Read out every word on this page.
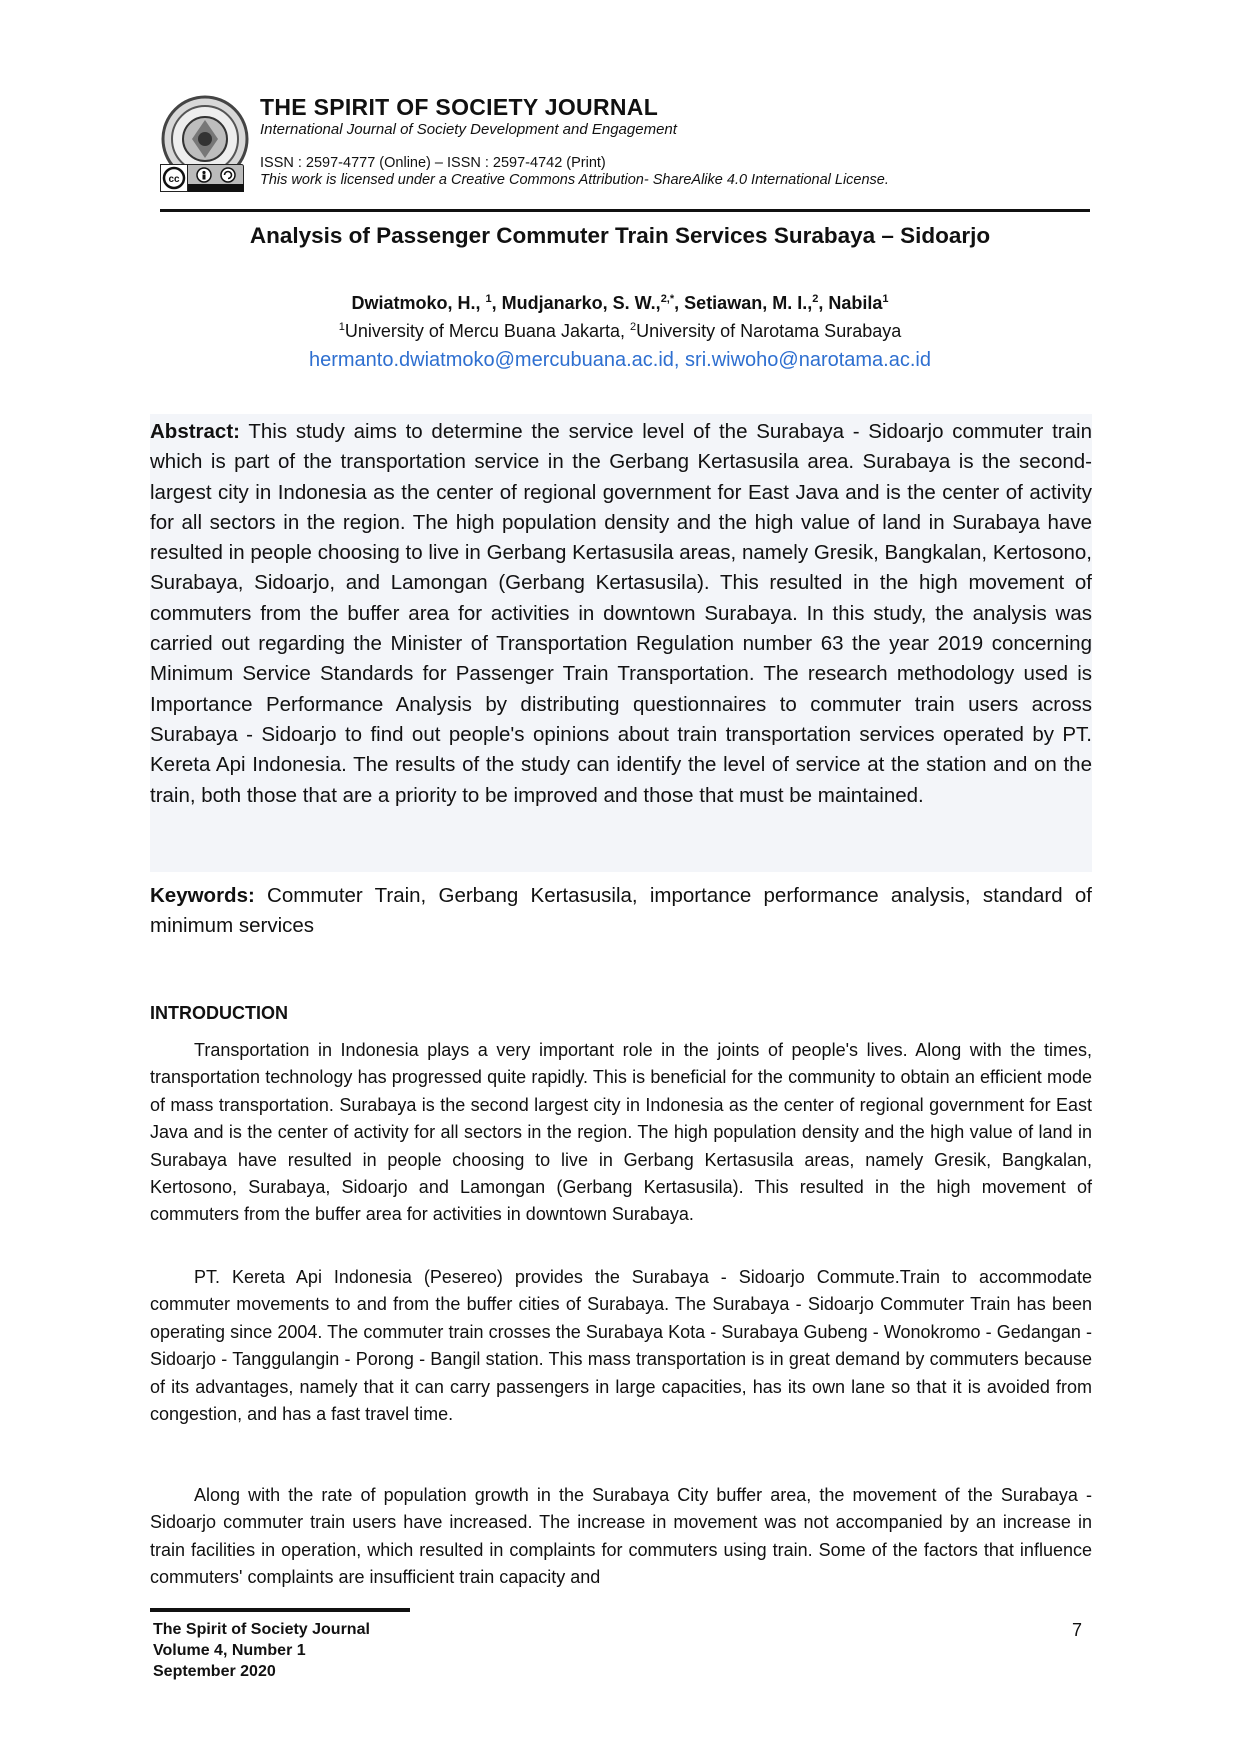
cc
THE SPIRIT OF SOCIETY JOURNAL
International Journal of Society Development and Engagement
ISSN : 2597-4777 (Online) – ISSN : 2597-4742 (Print)
This work is licensed under a Creative Commons Attribution- ShareAlike 4.0 International License.
Analysis of Passenger Commuter Train Services Surabaya – Sidoarjo
Dwiatmoko, H., $^1$, Mudjanarko, S. W.,$^{2,*}$, Setiawan, M. I.,$^2$, Nabila$^1$
$^1$University of Mercu Buana Jakarta, $^2$University of Narotama Surabaya
hermanto.dwiatmoko@mercubuana.ac.id, sri.wiwoho@narotama.ac.id

Abstract: This study aims to determine the service level of the Surabaya - Sidoarjo commuter train which is part of the transportation service in the Gerbang Kertasusila area. Surabaya is the second-largest city in Indonesia as the center of regional government for East Java and is the center of activity for all sectors in the region. The high population density and the high value of land in Surabaya have resulted in people choosing to live in Gerbang Kertasusila areas, namely Gresik, Bangkalan, Kertosono, Surabaya, Sidoarjo, and Lamongan (Gerbang Kertasusila). This resulted in the high movement of commuters from the buffer area for activities in downtown Surabaya. In this study, the analysis was carried out regarding the Minister of Transportation Regulation number 63 the year 2019 concerning Minimum Service Standards for Passenger Train Transportation. The research methodology used is Importance Performance Analysis by distributing questionnaires to commuter train users across Surabaya - Sidoarjo to find out people's opinions about train transportation services operated by PT. Kereta Api Indonesia. The results of the study can identify the level of service at the station and on the train, both those that are a priority to be improved and those that must be maintained.

Keywords: Commuter Train, Gerbang Kertasusila, importance performance analysis, standard of minimum services

INTRODUCTION

Transportation in Indonesia plays a very important role in the joints of people's lives. Along with the times, transportation technology has progressed quite rapidly. This is beneficial for the community to obtain an efficient mode of mass transportation. Surabaya is the second largest city in Indonesia as the center of regional government for East Java and is the center of activity for all sectors in the region. The high population density and the high value of land in Surabaya have resulted in people choosing to live in Gerbang Kertasusila areas, namely Gresik, Bangkalan, Kertosono, Surabaya, Sidoarjo and Lamongan (Gerbang Kertasusila). This resulted in the high movement of commuters from the buffer area for activities in downtown Surabaya.

PT. Kereta Api Indonesia (Pesereo) provides the Surabaya - Sidoarjo Commute.Train to accommodate commuter movements to and from the buffer cities of Surabaya. The Surabaya - Sidoarjo Commuter Train has been operating since 2004. The commuter train crosses the Surabaya Kota - Surabaya Gubeng - Wonokromo - Gedangan - Sidoarjo - Tanggulangin - Porong - Bangil station. This mass transportation is in great demand by commuters because of its advantages, namely that it can carry passengers in large capacities, has its own lane so that it is avoided from congestion, and has a fast travel time.

Along with the rate of population growth in the Surabaya City buffer area, the movement of the Surabaya - Sidoarjo commuter train users have increased. The increase in movement was not accompanied by an increase in train facilities in operation, which resulted in complaints for commuters using train. Some of the factors that influence commuters' complaints are insufficient train capacity and

The Spirit of Society Journal
Volume 4, Number 1
September 2020
7
